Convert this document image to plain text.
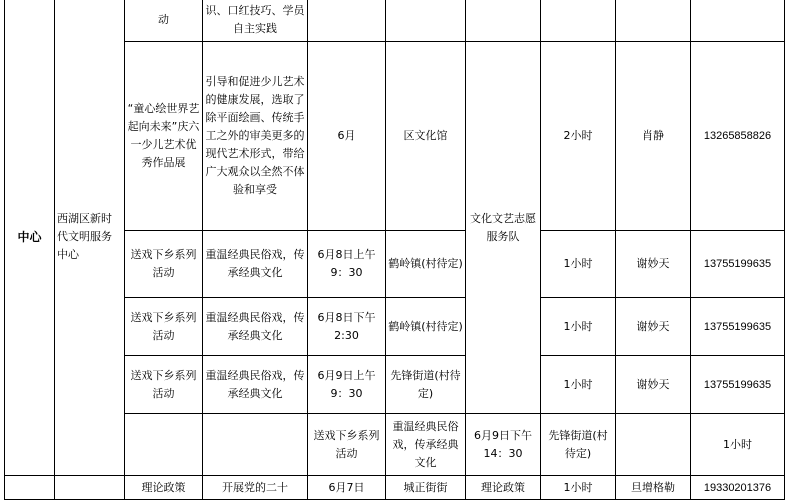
中心	西湖区新时代文明服务中心	动	识、口红技巧、学员自主实践							
		“童心绘世界艺起向未来”庆六一少儿艺术优秀作品展	引导和促进少儿艺术的健康发展，选取了除平面绘画、传统手工之外的审美更多的现代艺术形式，带给广大观众以全然不体验和享受	6月	区文化馆	文化文艺志愿服务队	2小时	肖静	13265858826	
		送戏下乡系列活动	重温经典民俗戏，传承经典文化	6月8日上午9：30	鹤岭镇(村待定)		1小时	谢妙天	13755199635	
		送戏下乡系列活动	重温经典民俗戏，传承经典文化	6月8日下午2:30	鹤岭镇(村待定)		1小时	谢妙天	13755199635	
		送戏下乡系列活动	重温经典民俗戏，传承经典文化	6月9日上午9：30	先锋街道(村待定)		1小时	谢妙天	13755199635	
				送戏下乡系列活动	重温经典民俗戏，传承经典文化	6月9日下午14：30	先锋街道(村待定)		1小时		
		理论政策	开展党的二十	6月7日	城正街街	理论政策	1小时	旦增格勒	19330201376	
